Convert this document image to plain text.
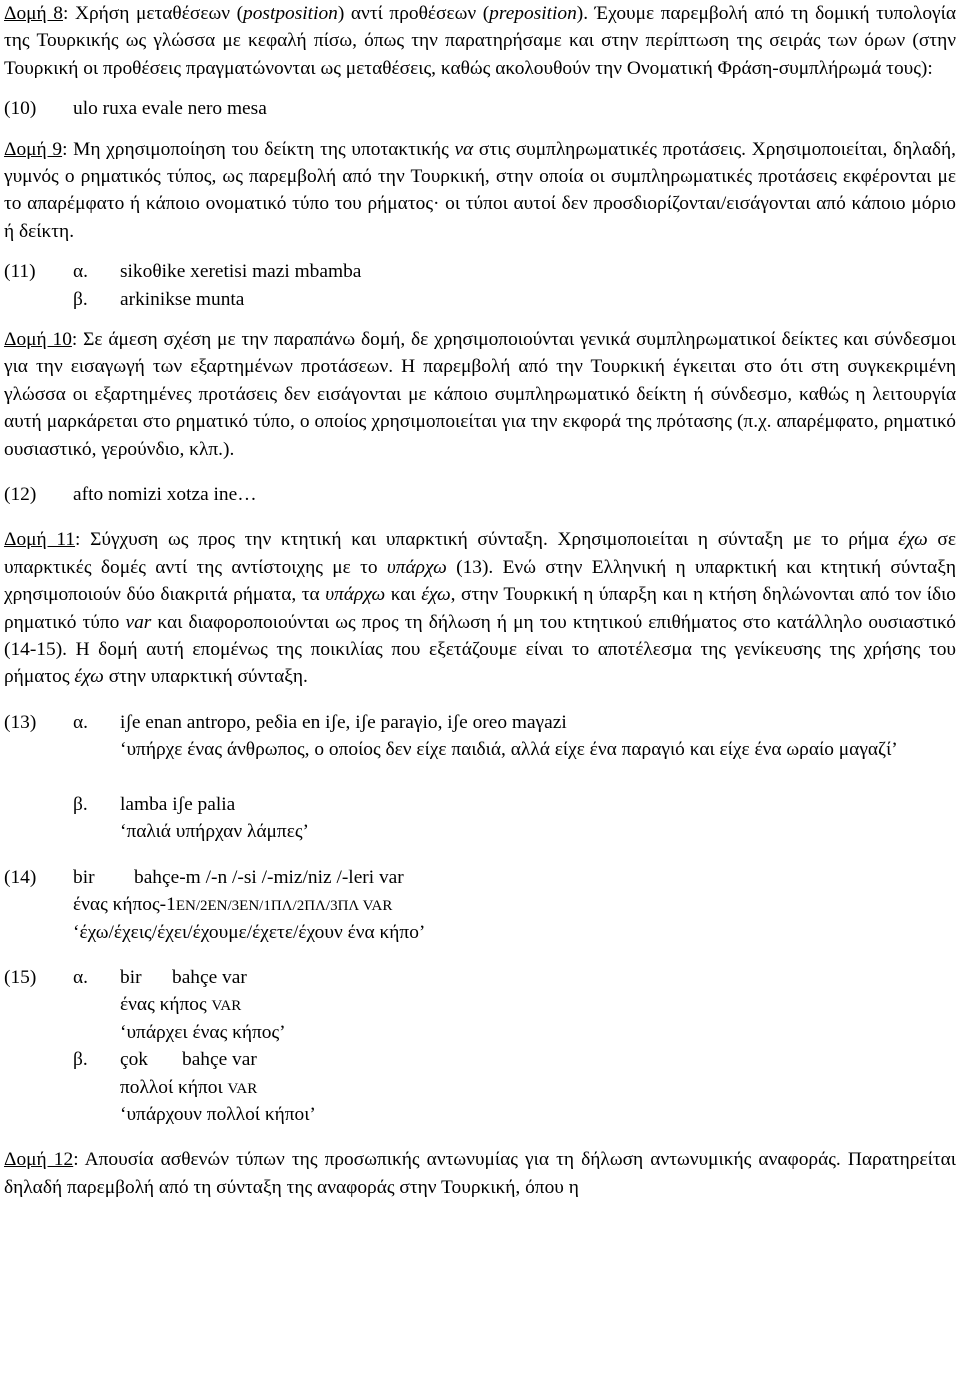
Δομή 8: Χρήση μεταθέσεων (postposition) αντί προθέσεων (preposition). Έχουμε παρεμβολή από τη δομική τυπολογία της Τουρκικής ως γλώσσα με κεφαλή πίσω, όπως την παρατηρήσαμε και στην περίπτωση της σειράς των όρων (στην Τουρκική οι προθέσεις πραγματώνονται ως μεταθέσεις, καθώς ακολουθούν την Ονοματική Φράση-συμπλήρωμά τους):

(10) ulo ruxa evale nero mesa

Δομή 9: Μη χρησιμοποίηση του δείκτη της υποτακτικής να στις συμπληρωματικές προτάσεις. Χρησιμοποιείται, δηλαδή, γυμνός ο ρηματικός τύπος, ως παρεμβολή από την Τουρκική, στην οποία οι συμπληρωματικές προτάσεις εκφέρονται με το απαρέμφατο ή κάποιο ονοματικό τύπο του ρήματος· οι τύποι αυτοί δεν προσδιορίζονται/εισάγονται από κάποιο μόριο ή δείκτη.

(11) α. sikoθike xeretisi mazi mbamba
β. arkinikse munta

Δομή 10: Σε άμεση σχέση με την παραπάνω δομή, δε χρησιμοποιούνται γενικά συμπληρωματικοί δείκτες και σύνδεσμοι για την εισαγωγή των εξαρτημένων προτάσεων. Η παρεμβολή από την Τουρκική έγκειται στο ότι στη συγκεκριμένη γλώσσα οι εξαρτημένες προτάσεις δεν εισάγονται με κάποιο συμπληρωματικό δείκτη ή σύνδεσμο, καθώς η λειτουργία αυτή μαρκάρεται στο ρηματικό τύπο, ο οποίος χρησιμοποιείται για την εκφορά της πρότασης (π.χ. απαρέμφατο, ρηματικό ουσιαστικό, γερούνδιο, κλπ.).

(12) afto nomizi xotza ine…

Δομή 11: Σύγχυση ως προς την κτητική και υπαρκτική σύνταξη. Χρησιμοποιείται η σύνταξη με το ρήμα έχω σε υπαρκτικές δομές αντί της αντίστοιχης με το υπάρχω (13). Ενώ στην Ελληνική η υπαρκτική και κτητική σύνταξη χρησιμοποιούν δύο διακριτά ρήματα, τα υπάρχω και έχω, στην Τουρκική η ύπαρξη και η κτήση δηλώνονται από τον ίδιο ρηματικό τύπο var και διαφοροποιούνται ως προς τη δήλωση ή μη του κτητικού επιθήματος στο κατάλληλο ουσιαστικό (14-15). Η δομή αυτή επομένως της ποικιλίας που εξετάζουμε είναι το αποτέλεσμα της γενίκευσης της χρήσης του ρήματος έχω στην υπαρκτική σύνταξη.

(13) α. iʃe enan antropo, peδia en iʃe, iʃe paraγio, iʃe oreo maγazi
‘υπήρχε ένας άνθρωπος, ο οποίος δεν είχε παιδιά, αλλά είχε ένα παραγιό και είχε ένα ωραίο μαγαζί’
β. lamba iʃe palia
‘παλιά υπήρχαν λάμπες’
(14) bir bahçe-m /-n /-si /-miz/niz /-leri var
ένας κήπος-1ΕΝ/2ΕΝ/3ΕΝ/1ΠΛ/2ΠΛ/3ΠΛ VAR
‘έχω/έχεις/έχει/έχουμε/έχετε/έχουν ένα κήπο’
(15) α. bir bahçe var
ένας κήπος VAR
‘υπάρχει ένας κήπος’
β. çok bahçe var
πολλοί κήποι VAR
‘υπάρχουν πολλοί κήποι’

Δομή 12: Απουσία ασθενών τύπων της προσωπικής αντωνυμίας για τη δήλωση αντωνυμικής αναφοράς. Παρατηρείται δηλαδή παρεμβολή από τη σύνταξη της αναφοράς στην Τουρκική, όπου η
